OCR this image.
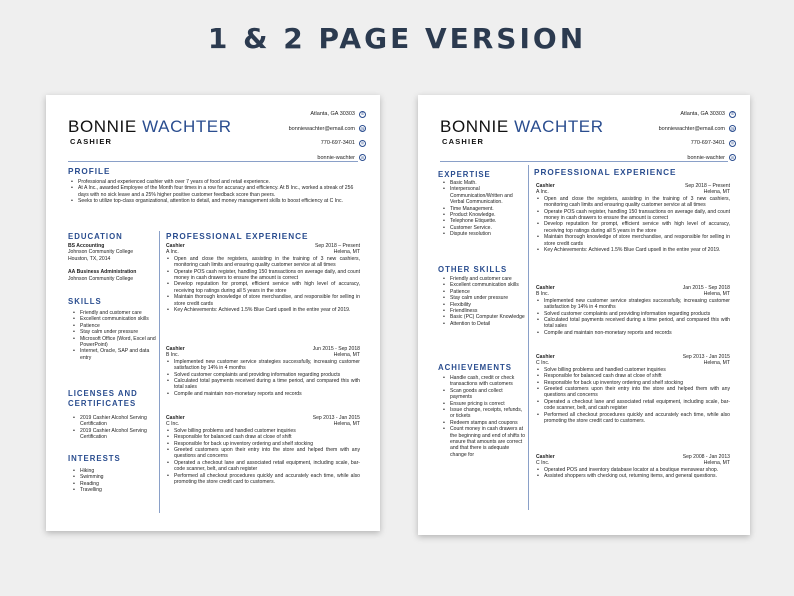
1 & 2 PAGE VERSION
BONNIE WACHTER
CASHIER
Atlanta, GA 30303	✆
bonniewachter@email.com	@
770-697-3401	◎
bonnie-wachter	in
PROFILE
• Professional and experienced cashier with over 7 years of food and retail experience.
• At A Inc., awarded Employee of the Month four times in a row for accuracy and efficiency. At B Inc., worked a streak of 256 days with no sick leave and a 25% higher positive customer feedback score than peers.
• Seeks to utilize top-class organizational, attention to detail, and money management skills to boost efficiency at C Inc.
EDUCATION
BS Accounting
Johnson Community College
Houston, TX, 2014
AA Business Administration
Johnson Community College
SKILLS
• Friendly and customer care
• Excellent communication skills
• Patience
• Stay calm under pressure
• Microsoft Office (Word, Excel and PowerPoint)
• Internet, Oracle, SAP and data entry
LICENSES AND CERTIFICATES
• 2019 Cashier Alcohol Serving Certification
• 2019 Cashier Alcohol Serving Certification
INTERESTS
• Hiking
• Swimming
• Reading
• Travelling
PROFESSIONAL EXPERIENCE
Cashier	Sep 2018 – Present
A Inc.	Helena, MT
• Open and close the registers, assisting in the training of 3 new cashiers, monitoring cash limits and ensuring quality customer service at all times
• Operate POS cash register, handling 150 transactions on average daily, and count money in cash drawers to ensure the amount is correct
• Develop reputation for prompt, efficient service with high level of accuracy, receiving top ratings during all 5 years in the store
• Maintain thorough knowledge of store merchandise, and responsible for selling in store credit cards
• Key Achievements: Achieved 1.5% Blue Card upsell in the entire year of 2019.
Cashier	Jun 2015 - Sep 2018
B Inc.	Helena, MT
• Implemented new customer service strategies successfully, increasing customer satisfaction by 14% in 4 months
• Solved customer complaints and providing information regarding products
• Calculated total payments received during a time period, and compared this with total sales
• Compile and maintain non-monetary reports and records
Cashier	Sep 2013 - Jan 2015
C Inc.	Helena, MT
• Solve billing problems and handled customer inquiries
• Responsible for balanced cash draw at close of shift
• Responsible for back up inventory ordering and shelf stocking
• Greeted customers upon their entry into the store and helped them with any questions and concerns
• Operated a checkout lane and associated retail equipment, including scale, bar-code scanner, belt, and cash register
• Performed all checkout procedures quickly and accurately each time, while also promoting the store credit card to customers.
BONNIE WACHTER
CASHIER
Atlanta, GA 30303	✆
bonniewachter@email.com	@
770-697-3401	◎
bonnie-wachter	in
EXPERTISE
• Basic Math.
• Interpersonal Communication/Written and Verbal Communication.
• Time Management.
• Product Knowledge.
• Telephone Etiquette.
• Customer Service.
• Dispute resolution
OTHER SKILLS
• Friendly and customer care
• Excellent communication skills
• Patience
• Stay calm under pressure
• Flexibility
• Friendliness
• Basic (PC) Computer Knowledge
• Attention to Detail
ACHIEVEMENTS
• Handle cash, credit or check transactions with customers
• Scan goods and collect payments
• Ensure pricing is correct
• Issue change, receipts, refunds, or tickets
• Redeem stamps and coupons
• Count money in cash drawers at the beginning and end of shifts to ensure that amounts are correct and that there is adequate change for
PROFESSIONAL EXPERIENCE
Cashier	Sep 2018 – Present
A Inc.	Helena, MT
• Open and close the registers, assisting in the training of 3 new cashiers, monitoring cash limits and ensuring quality customer service at all times
• Operate POS cash register, handling 150 transactions on average daily, and count money in cash drawers to ensure the amount is correct
• Develop reputation for prompt, efficient service with high level of accuracy, receiving top ratings during all 5 years in the store
• Maintain thorough knowledge of store merchandise, and responsible for selling in store credit cards
• Key Achievements: Achieved 1.5% Blue Card upsell in the entire year of 2019.
Cashier	Jan 2015 - Sep 2018
B Inc.	Helena, MT
• Implemented new customer service strategies successfully, increasing customer satisfaction by 14% in 4 months
• Solved customer complaints and providing information regarding products
• Calculated total payments received during a time period, and compared this with total sales
• Compile and maintain non-monetary reports and records
Cashier	Sep 2013 - Jan 2015
C Inc.	Helena, MT
• Solve billing problems and handled customer inquiries
• Responsible for balanced cash draw at close of shift
• Responsible for back up inventory ordering and shelf stocking
• Greeted customers upon their entry into the store and helped them with any questions and concerns
• Operated a checkout lane and associated retail equipment, including scale, bar-code scanner, belt, and cash register
• Performed all checkout procedures quickly and accurately each time, while also promoting the store credit card to customers.
Cashier	Sep 2008 - Jan 2013
C Inc.	Helena, MT
• Operated POS and inventory database locator at a boutique menswear shop.
• Assisted shoppers with checking out, returning items, and general questions.
